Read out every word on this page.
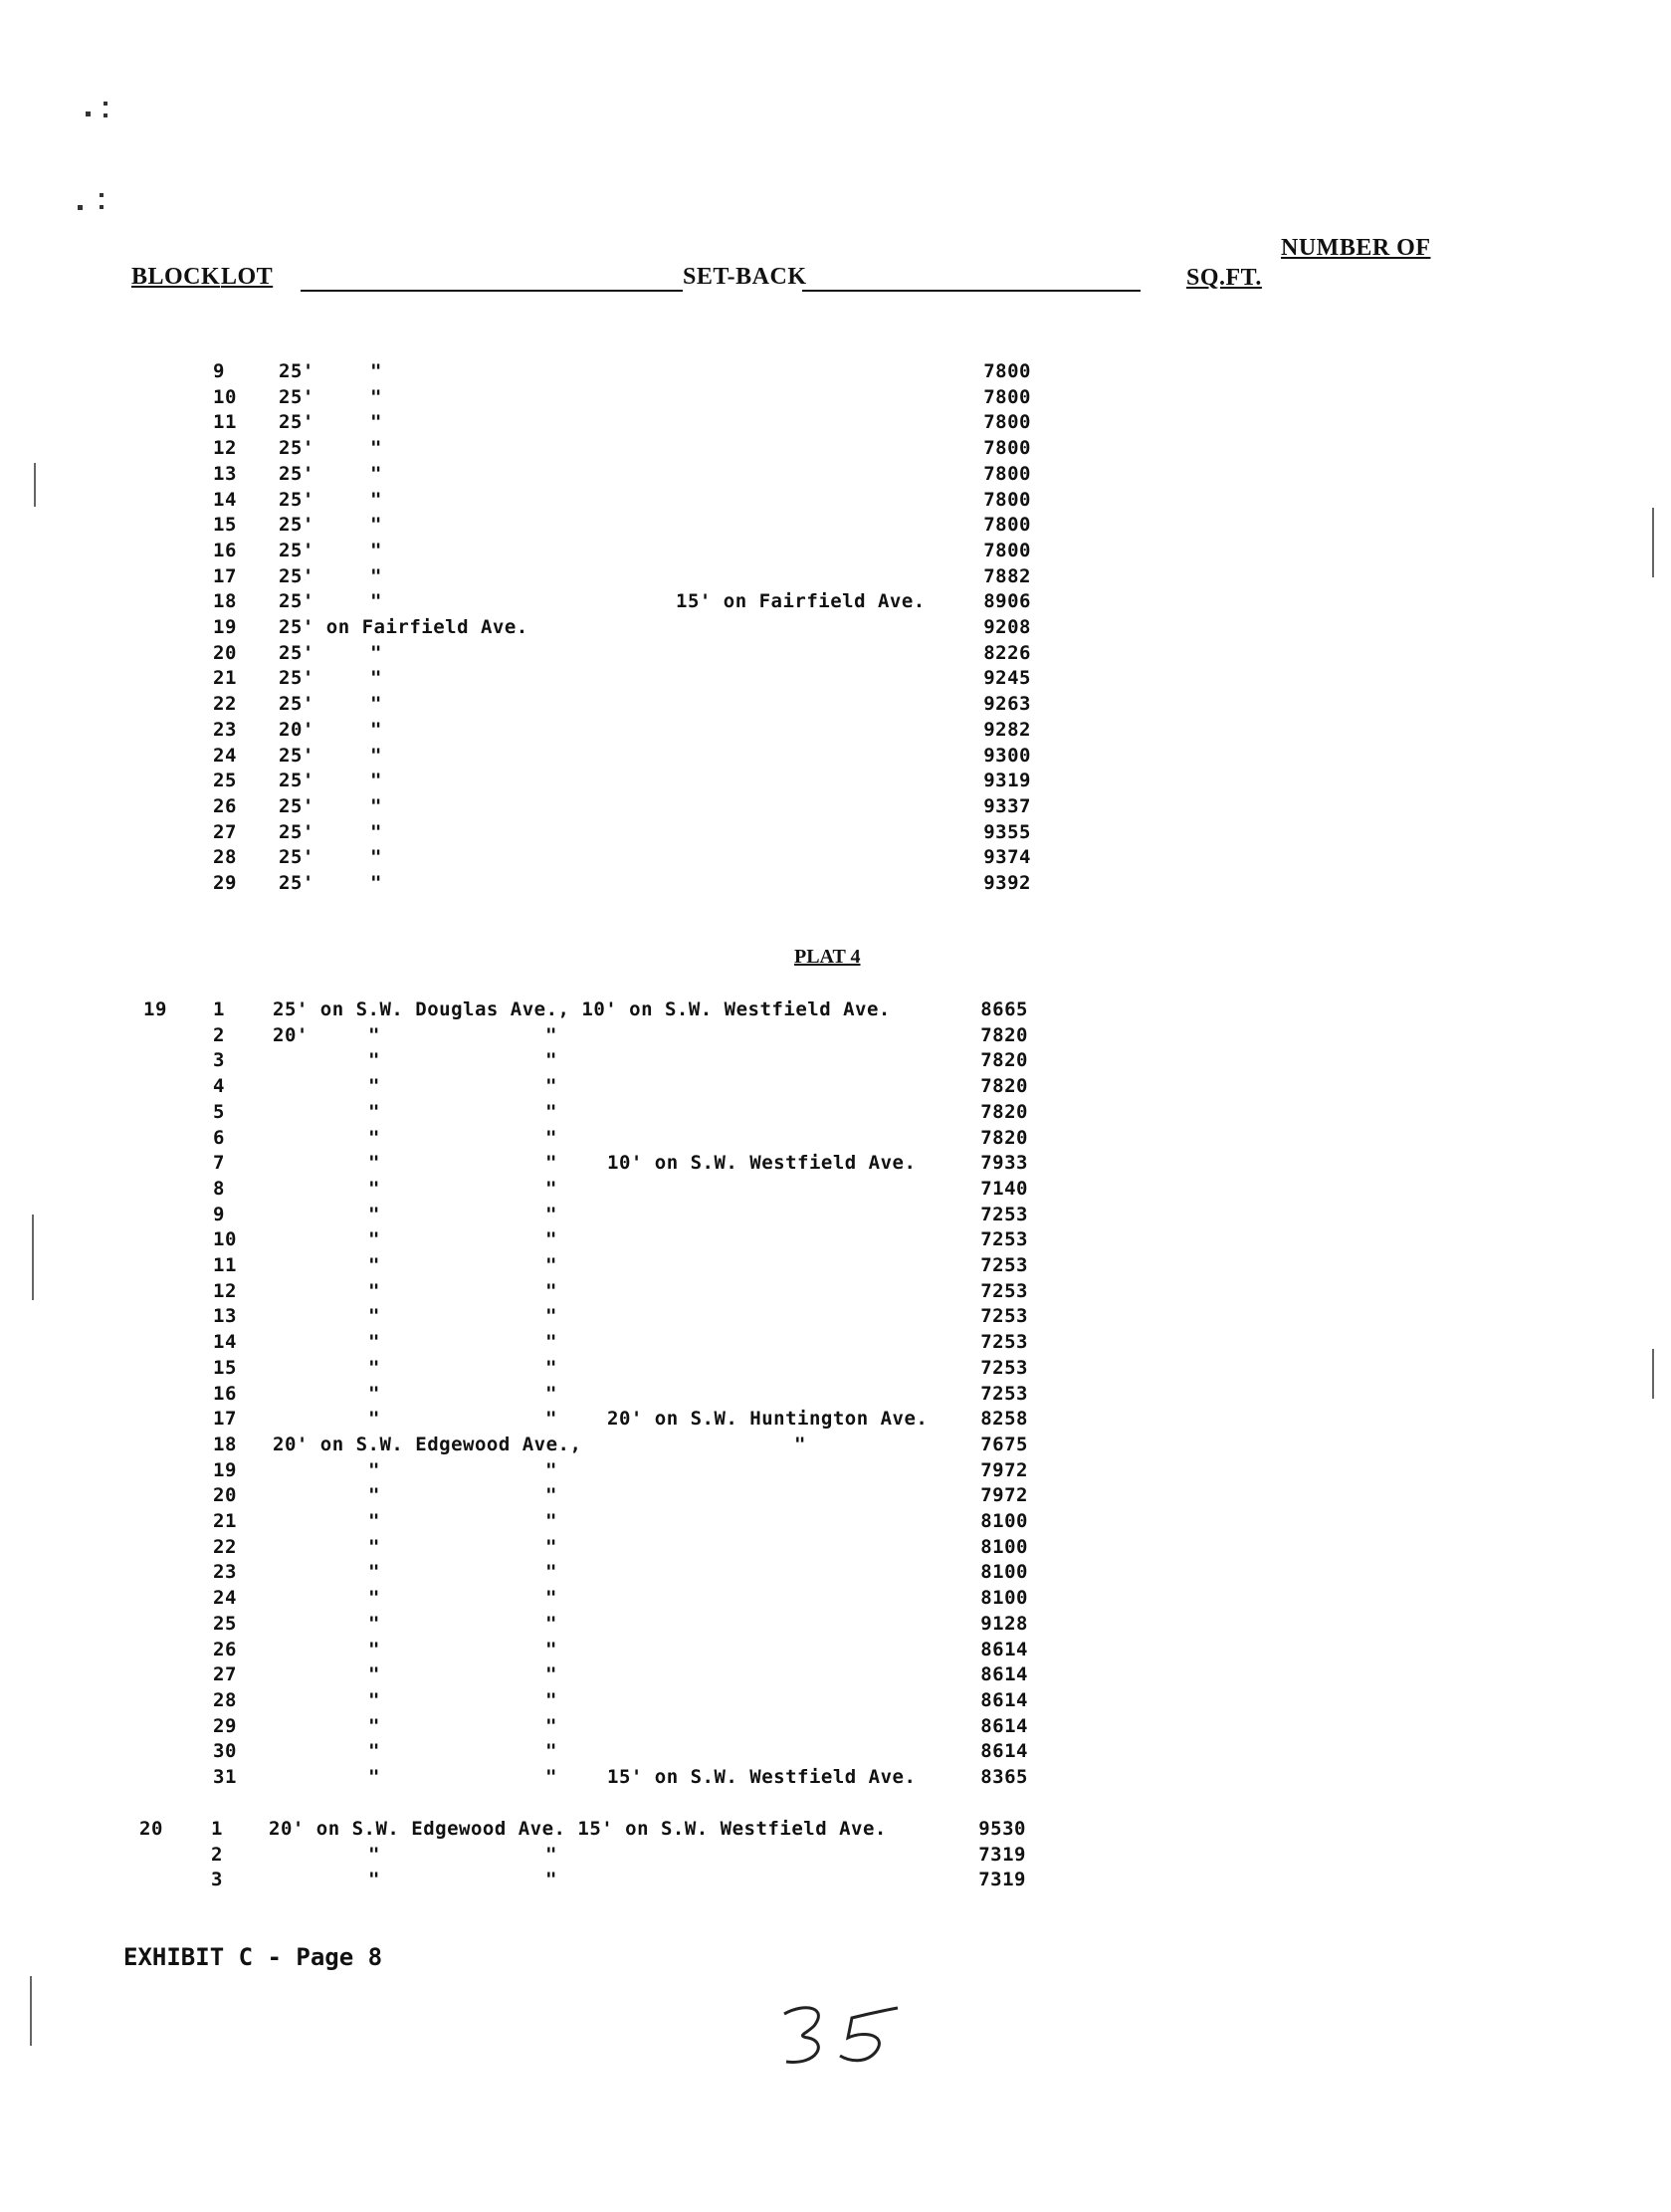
BLOCK LOT	SET-BACK
NUMBER OF
SQ.FT.
9	25'	"	7800
10 25'	"	7800
11 25'	"	7800
12 25'	"	7800
13 25'	"	7800
14 25'	"	7800
15 25'	"	7800
16 25'	"	7800
17 25'	"	7882
18 25'	"	15' on Fairfield Ave.	8906
19 25' on Fairfield Ave.	9208
20 25'	"	8226
21 25'	"	9245
22 25'	"	9263
23 20'	"	9282
24 25'	"	9300
25 25'	"	9319
26 25'	"	9337
27 25'	"	9355
28 25'	"	9374
29 25'	"	9392
19 1	25' on S.W. Douglas Ave., 10' on S.W. Westfield Ave.	8665
2	20'	"	"	7820
3	"	"	7820
4	"	"	7820
5	"	"	7820
6	"	"	7820
7	"	"	10' on S.W. Westfield Ave.	7933
8	"	"	7140
9	"	"	7253
10	"	"	7253
11	"	"	7253
12	"	"	7253
13	"	"	7253
14	"	"	7253
15	"	"	7253
16	"	"	7253
17	"	"	20' on S.W. Huntington Ave.	8258
18 20' on S.W. Edgewood Ave.,	"	7675
19	"	"	7972
20	"	"	7972
21	"	"	8100
22	"	"	8100
23	"	"	8100
24	"	"	8100
25	"	"	9128
26	"	"	8614
27	"	"	8614
28	"	"	8614
29	"	"	8614
30	"	"	8614
31	"	"	15' on S.W. Westfield Ave.	8365
20	1 20' on S.W. Edgewood Ave. 15' on S.W. Westfield Ave.	9530
2	"	"	7319
3	"	"	7319
PLAT 4
EXHIBIT C - Page 8
